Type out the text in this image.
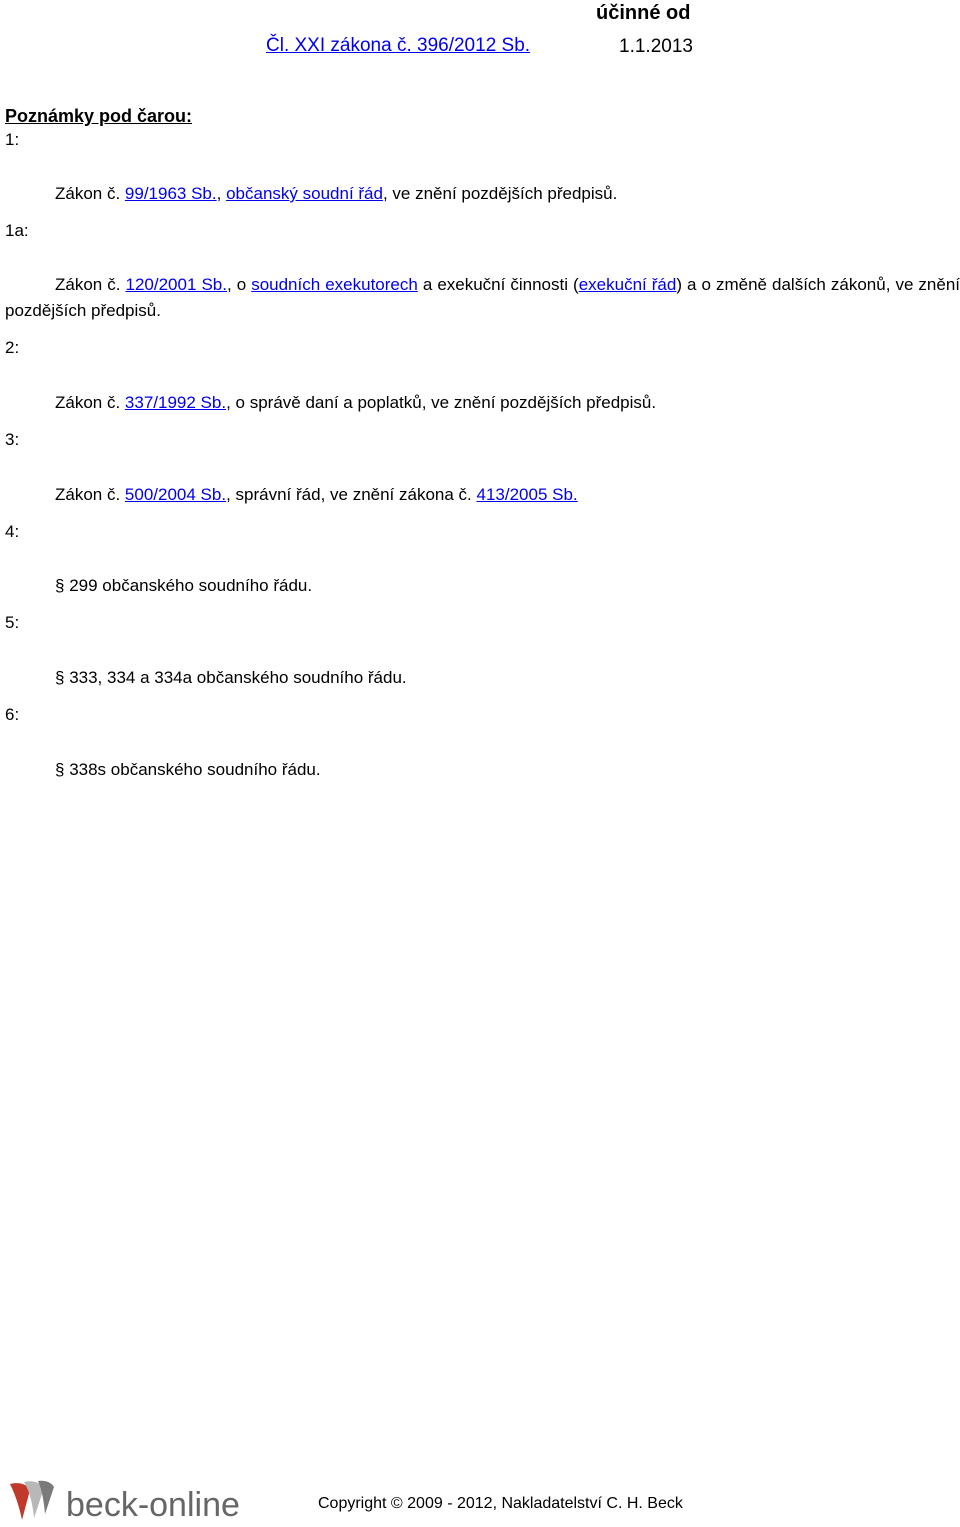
účinné od
Čl. XXI zákona č. 396/2012 Sb.	1.1.2013
Poznámky pod čarou:
1:
Zákon č. 99/1963 Sb., občanský soudní řád, ve znění pozdějších předpisů.
1a:
Zákon č. 120/2001 Sb., o soudních exekutorech a exekuční činnosti (exekuční řád) a o změně dalších zákonů, ve znění pozdějších předpisů.
2:
Zákon č. 337/1992 Sb., o správě daní a poplatků, ve znění pozdějších předpisů.
3:
Zákon č. 500/2004 Sb., správní řád, ve znění zákona č. 413/2005 Sb.
4:
§ 299 občanského soudního řádu.
5:
§ 333, 334 a 334a občanského soudního řádu.
6:
§ 338s občanského soudního řádu.
beck-online	Copyright © 2009 - 2012, Nakladatelství C. H. Beck
